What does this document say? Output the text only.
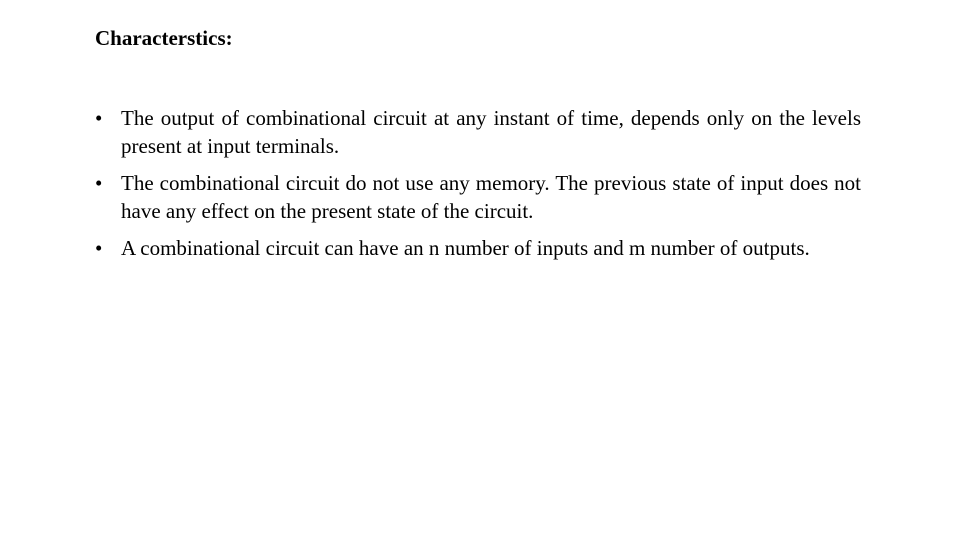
Characterstics:
• The output of combinational circuit at any instant of time, depends only on the levels present at input terminals.
• The combinational circuit do not use any memory. The previous state of input does not have any effect on the present state of the circuit.
• A combinational circuit can have an n number of inputs and m number of outputs.
